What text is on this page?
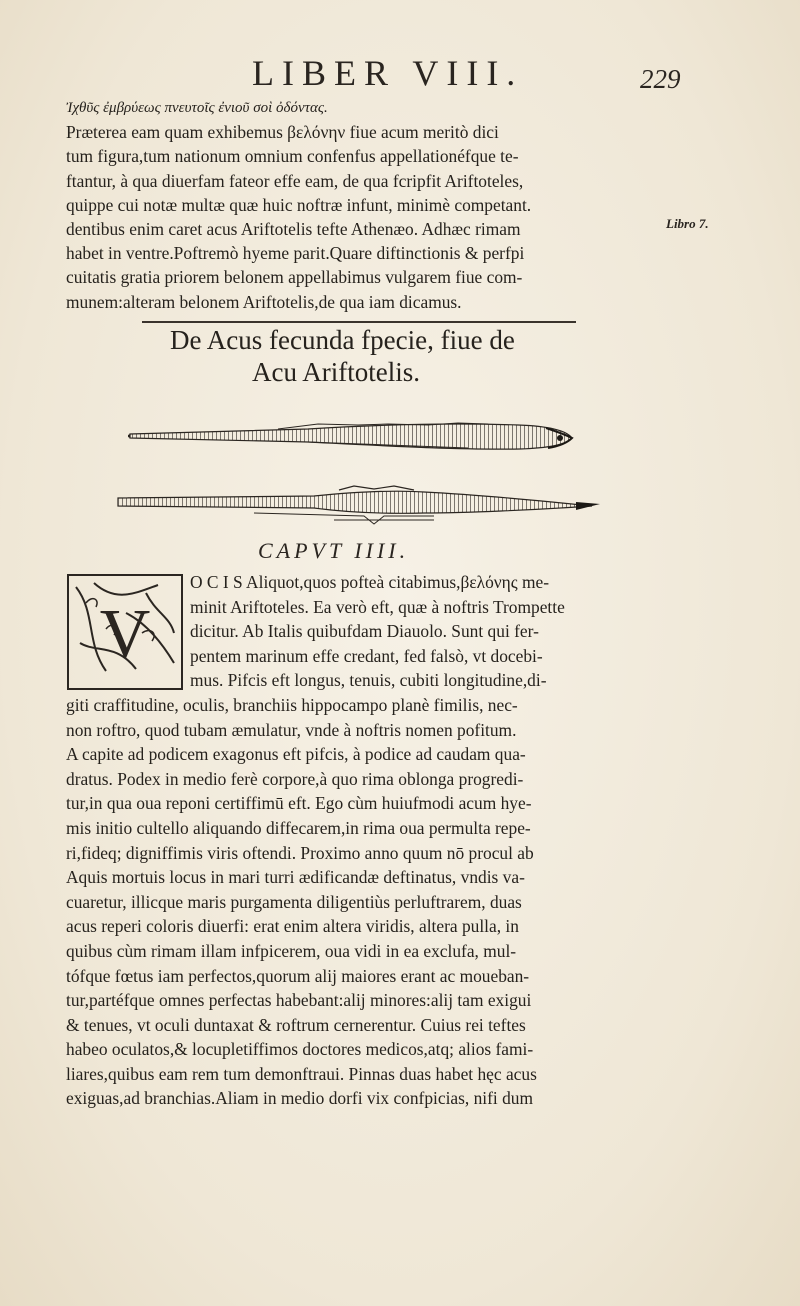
LIBER VIII.	229
Ἰχθῦς ἐμβρύεως πνευτοῖς ἐνιοῦ σοὶ ὀδόντας.
Præterea eam quam exhibemus βελόνην fiue acum meritò dici
tum figura,tum nationum omnium confenfus appellationéfque te-
ftantur, à qua diuerfam fateor effe eam, de qua fcripfit Ariftoteles,
quippe cui notæ multæ quæ huic noftræ infunt, minimè competant.
dentibus enim caret acus Ariftotelis tefte Athenæo. Adhæc rimam
habet in ventre.Poftremò hyeme parit.Quare diftinctionis & perfpi
cuitatis gratia priorem belonem appellabimus vulgarem fiue com-
munem:alteram belonem Ariftotelis,de qua iam dicamus.
Libro 7.
De Acus fecunda fpecie, fiue de
Acu Ariftotelis.
CAPVT IIII.
V
O C I S Aliquot,quos pofteà citabimus,βελόνης me-
minit Ariftoteles. Ea verò eft, quæ à noftris Trompette
dicitur. Ab Italis quibufdam Diauolo. Sunt qui fer-
pentem marinum effe credant, fed falsò, vt docebi-
mus. Pifcis eft longus, tenuis, cubiti longitudine,di-
giti craffitudine, oculis, branchiis hippocampo planè fimilis, nec-
non roftro, quod tubam æmulatur, vnde à noftris nomen pofitum.
A capite ad podicem exagonus eft pifcis, à podice ad caudam qua-
dratus. Podex in medio ferè corpore,à quo rima oblonga progredi-
tur,in qua oua reponi certiffimū eft. Ego cùm huiufmodi acum hye-
mis initio cultello aliquando diffecarem,in rima oua permulta repe-
ri,fideq; digniffimis viris oftendi. Proximo anno quum nō procul ab
Aquis mortuis locus in mari turri ædificandæ deftinatus, vndis va-
cuaretur, illicque maris purgamenta diligentiùs perluftrarem, duas
acus reperi coloris diuerfi: erat enim altera viridis, altera pulla, in
quibus cùm rimam illam infpicerem, oua vidi in ea exclufa, mul-
tófque fœtus iam perfectos,quorum alij maiores erant ac moueban-
tur,partéfque omnes perfectas habebant:alij minores:alij tam exigui
& tenues, vt oculi duntaxat & roftrum cernerentur. Cuius rei teftes
habeo oculatos,& locupletiffimos doctores medicos,atq; alios fami-
liares,quibus eam rem tum demonftraui. Pinnas duas habet hęc acus
exiguas,ad branchias.Aliam in medio dorfi vix confpicias, nifi dum
